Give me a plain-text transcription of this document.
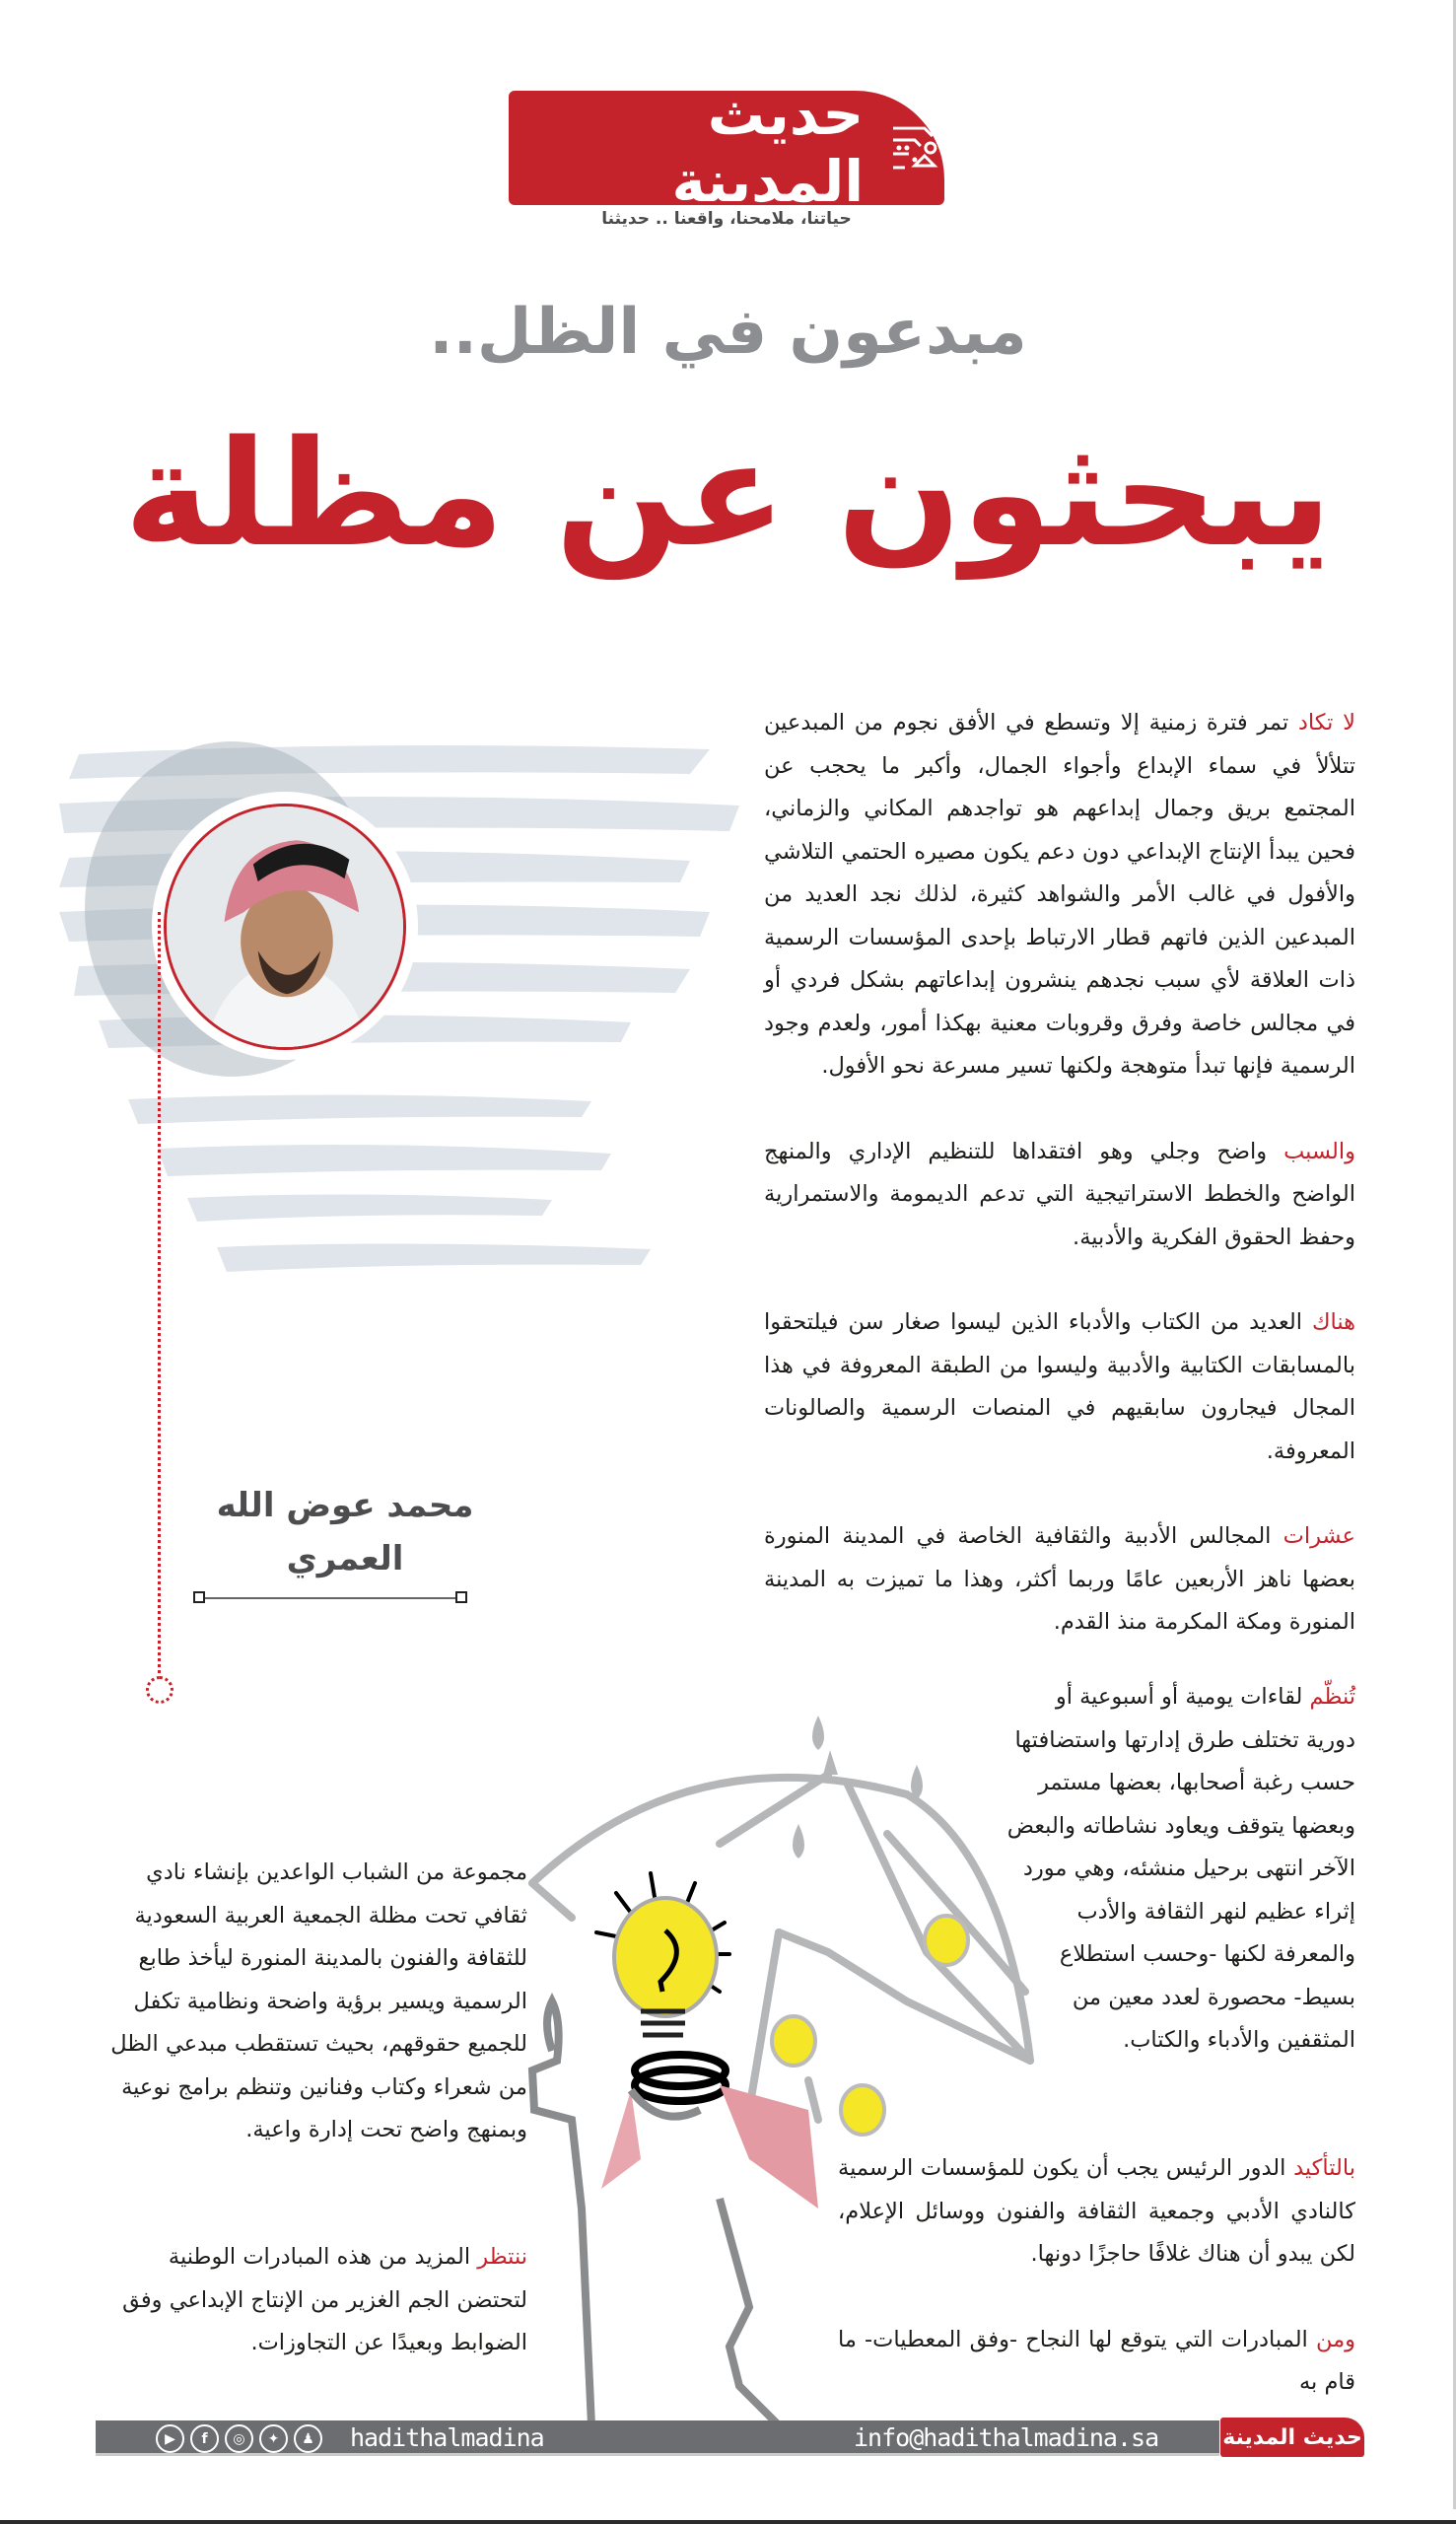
حديث المدينة
حياتنا، ملامحنا، واقعنا .. حديثنا
مبدعون في الظل..
يبحثون عن مظلة
محمد عوض الله
العمري

لا تكاد تمر فترة زمنية إلا وتسطع في الأفق نجوم من المبدعين تتلألأ في سماء الإبداع وأجواء الجمال، وأكبر ما يحجب عن المجتمع بريق وجمال إبداعهم هو تواجدهم المكاني والزماني، فحين يبدأ الإنتاج الإبداعي دون دعم يكون مصيره الحتمي التلاشي والأفول في غالب الأمر والشواهد كثيرة، لذلك نجد العديد من المبدعين الذين فاتهم قطار الارتباط بإحدى المؤسسات الرسمية ذات العلاقة لأي سبب نجدهم ينشرون إبداعاتهم بشكل فردي أو في مجالس خاصة وفرق وقروبات معنية بهكذا أمور، ولعدم وجود الرسمية فإنها تبدأ متوهجة ولكنها تسير مسرعة نحو الأفول.

والسبب واضح وجلي وهو افتقداها للتنظيم الإداري والمنهج الواضح والخطط الاستراتيجية التي تدعم الديمومة والاستمرارية وحفظ الحقوق الفكرية والأدبية.

هناك العديد من الكتاب والأدباء الذين ليسوا صغار سن فيلتحقوا بالمسابقات الكتابية والأدبية وليسوا من الطبقة المعروفة في هذا المجال فيجارون سابقيهم في المنصات الرسمية والصالونات المعروفة.

عشرات المجالس الأدبية والثقافية الخاصة في المدينة المنورة بعضها ناهز الأربعين عامًا وربما أكثر، وهذا ما تميزت به المدينة المنورة ومكة المكرمة منذ القدم.

تُنظّم لقاءات يومية أو أسبوعية أو دورية تختلف طرق إدارتها واستضافتها حسب رغبة أصحابها، بعضها مستمر وبعضها يتوقف ويعاود نشاطاته والبعض الآخر انتهى برحيل منشئه، وهي مورد إثراء عظيم لنهر الثقافة والأدب والمعرفة لكنها -وحسب استطلاع بسيط- محصورة لعدد معين من المثقفين والأدباء والكتاب.

بالتأكيد الدور الرئيس يجب أن يكون للمؤسسات الرسمية كالنادي الأدبي وجمعية الثقافة والفنون ووسائل الإعلام، لكن يبدو أن هناك غلافًا حاجزًا دونها.

ومن المبادرات التي يتوقع لها النجاح -وفق المعطيات- ما قام به

مجموعة من الشباب الواعدين بإنشاء نادي ثقافي تحت مظلة الجمعية العربية السعودية للثقافة والفنون بالمدينة المنورة ليأخذ طابع الرسمية ويسير برؤية واضحة ونظامية تكفل للجميع حقوقهم، بحيث تستقطب مبدعي الظل من شعراء وكتاب وفنانين وتنظم برامج نوعية وبمنهج واضح تحت إدارة واعية.

ننتظر المزيد من هذه المبادرات الوطنية لتحتضن الجم الغزير من الإنتاج الإبداعي وفق الضوابط وبعيدًا عن التجاوزات.

▶	f	◎	✦	♟	hadithalmadina	info@hadithalmadina.sa	حديث المدينة
